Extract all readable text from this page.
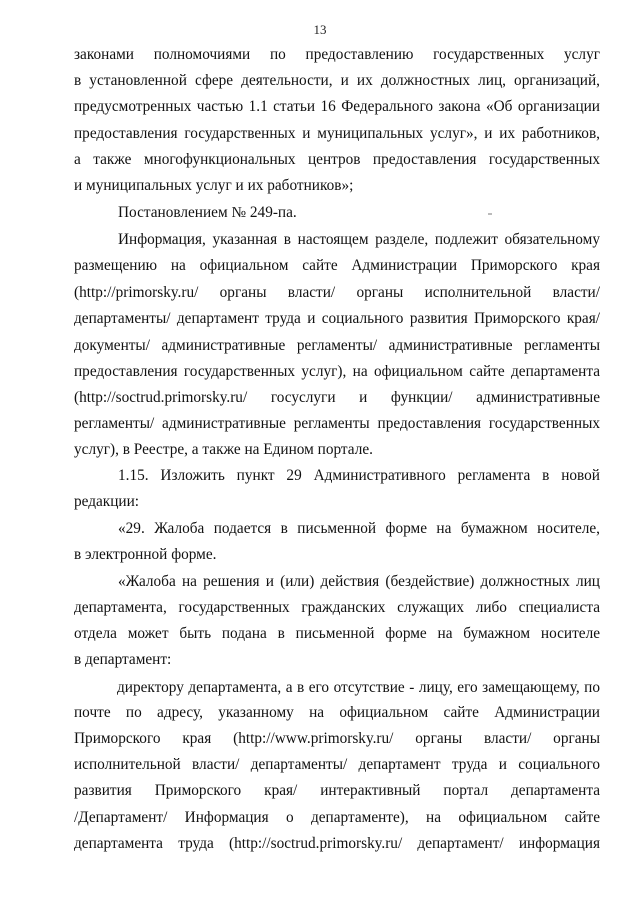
13
законами полномочиями по предоставлению государственных услуг
в установленной сфере деятельности, и их должностных лиц, организаций,
предусмотренных частью 1.1 статьи 16 Федерального закона «Об организации
предоставления государственных и муниципальных услуг», и их работников,
а также многофункциональных центров предоставления государственных
и муниципальных услуг и их работников»;
Постановлением № 249-па.
Информация, указанная в настоящем разделе, подлежит обязательному
размещению на официальном сайте Администрации Приморского края
(http://primorsky.ru/ органы власти/ органы исполнительной власти/
департаменты/ департамент труда и социального развития Приморского края/
документы/ административные регламенты/ административные регламенты
предоставления государственных услуг), на официальном сайте департамента
(http://soctrud.primorsky.ru/ госуслуги и функции/ административные
регламенты/ административные регламенты предоставления государственных
услуг), в Реестре, а также на Едином портале.
1.15. Изложить пункт 29 Административного регламента в новой
редакции:
«29. Жалоба подается в письменной форме на бумажном носителе,
в электронной форме.
«Жалоба на решения и (или) действия (бездействие) должностных лиц
департамента, государственных гражданских служащих либо специалиста
отдела может быть подана в письменной форме на бумажном носителе
в департамент:
директору департамента, а в его отсутствие - лицу, его замещающему, по
почте по адресу, указанному на официальном сайте Администрации
Приморского края (http://www.primorsky.ru/ органы власти/ органы
исполнительной власти/ департаменты/ департамент труда и социального
развития Приморского края/ интерактивный портал департамента
/Департамент/ Информация о департаменте), на официальном сайте
департамента труда (http://soctrud.primorsky.ru/ департамент/ информация
